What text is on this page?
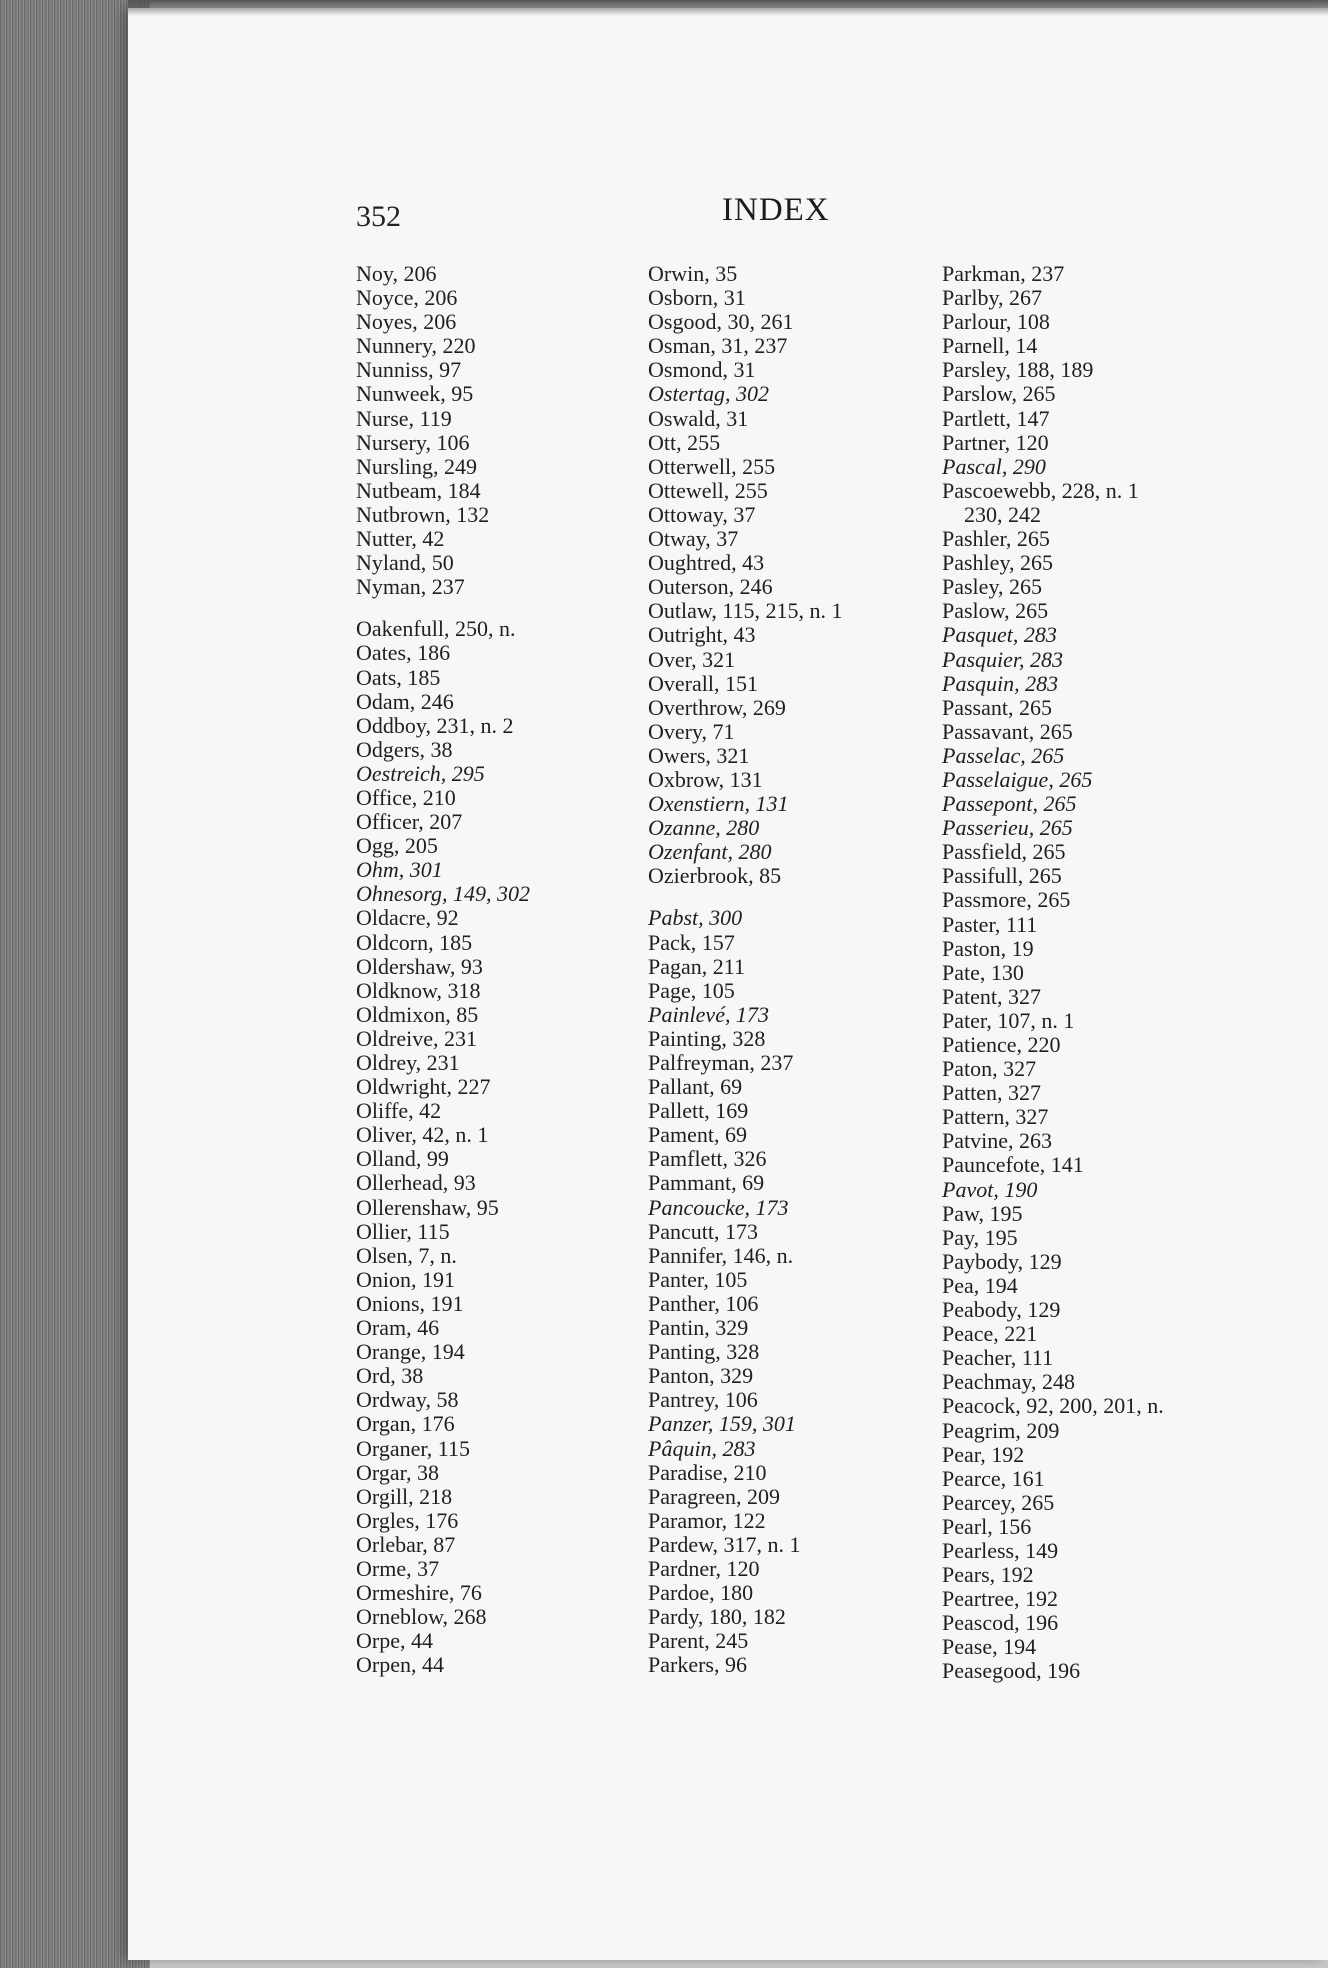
352	INDEX
Noy, 206
Noyce, 206
Noyes, 206
Nunnery, 220
Nunniss, 97
Nunweek, 95
Nurse, 119
Nursery, 106
Nursling, 249
Nutbeam, 184
Nutbrown, 132
Nutter, 42
Nyland, 50
Nyman, 237
Oakenfull, 250, n.
Oates, 186
Oats, 185
Odam, 246
Oddboy, 231, n. 2
Odgers, 38
Oestreich, 295
Office, 210
Officer, 207
Ogg, 205
Ohm, 301
Ohnesorg, 149, 302
Oldacre, 92
Oldcorn, 185
Oldershaw, 93
Oldknow, 318
Oldmixon, 85
Oldreive, 231
Oldrey, 231
Oldwright, 227
Oliffe, 42
Oliver, 42, n. 1
Olland, 99
Ollerhead, 93
Ollerenshaw, 95
Ollier, 115
Olsen, 7, n.
Onion, 191
Onions, 191
Oram, 46
Orange, 194
Ord, 38
Ordway, 58
Organ, 176
Organer, 115
Orgar, 38
Orgill, 218
Orgles, 176
Orlebar, 87
Orme, 37
Ormeshire, 76
Orneblow, 268
Orpe, 44
Orpen, 44
Orwin, 35
Osborn, 31
Osgood, 30, 261
Osman, 31, 237
Osmond, 31
Ostertag, 302
Oswald, 31
Ott, 255
Otterwell, 255
Ottewell, 255
Ottoway, 37
Otway, 37
Oughtred, 43
Outerson, 246
Outlaw, 115, 215, n. 1
Outright, 43
Over, 321
Overall, 151
Overthrow, 269
Overy, 71
Owers, 321
Oxbrow, 131
Oxenstiern, 131
Ozanne, 280
Ozenfant, 280
Ozierbrook, 85
Pabst, 300
Pack, 157
Pagan, 211
Page, 105
Painlevé, 173
Painting, 328
Palfreyman, 237
Pallant, 69
Pallett, 169
Pament, 69
Pamflett, 326
Pammant, 69
Pancoucke, 173
Pancutt, 173
Pannifer, 146, n.
Panter, 105
Panther, 106
Pantin, 329
Panting, 328
Panton, 329
Pantrey, 106
Panzer, 159, 301
Pâquin, 283
Paradise, 210
Paragreen, 209
Paramor, 122
Pardew, 317, n. 1
Pardner, 120
Pardoe, 180
Pardy, 180, 182
Parent, 245
Parkers, 96
Parkman, 237
Parlby, 267
Parlour, 108
Parnell, 14
Parsley, 188, 189
Parslow, 265
Partlett, 147
Partner, 120
Pascal, 290
Pascoewebb, 228, n. 1
230, 242
Pashler, 265
Pashley, 265
Pasley, 265
Paslow, 265
Pasquet, 283
Pasquier, 283
Pasquin, 283
Passant, 265
Passavant, 265
Passelac, 265
Passelaigue, 265
Passepont, 265
Passerieu, 265
Passfield, 265
Passifull, 265
Passmore, 265
Paster, 111
Paston, 19
Pate, 130
Patent, 327
Pater, 107, n. 1
Patience, 220
Paton, 327
Patten, 327
Pattern, 327
Patvine, 263
Pauncefote, 141
Pavot, 190
Paw, 195
Pay, 195
Paybody, 129
Pea, 194
Peabody, 129
Peace, 221
Peacher, 111
Peachmay, 248
Peacock, 92, 200, 201, n.
Peagrim, 209
Pear, 192
Pearce, 161
Pearcey, 265
Pearl, 156
Pearless, 149
Pears, 192
Peartree, 192
Peascod, 196
Pease, 194
Peasegood, 196
